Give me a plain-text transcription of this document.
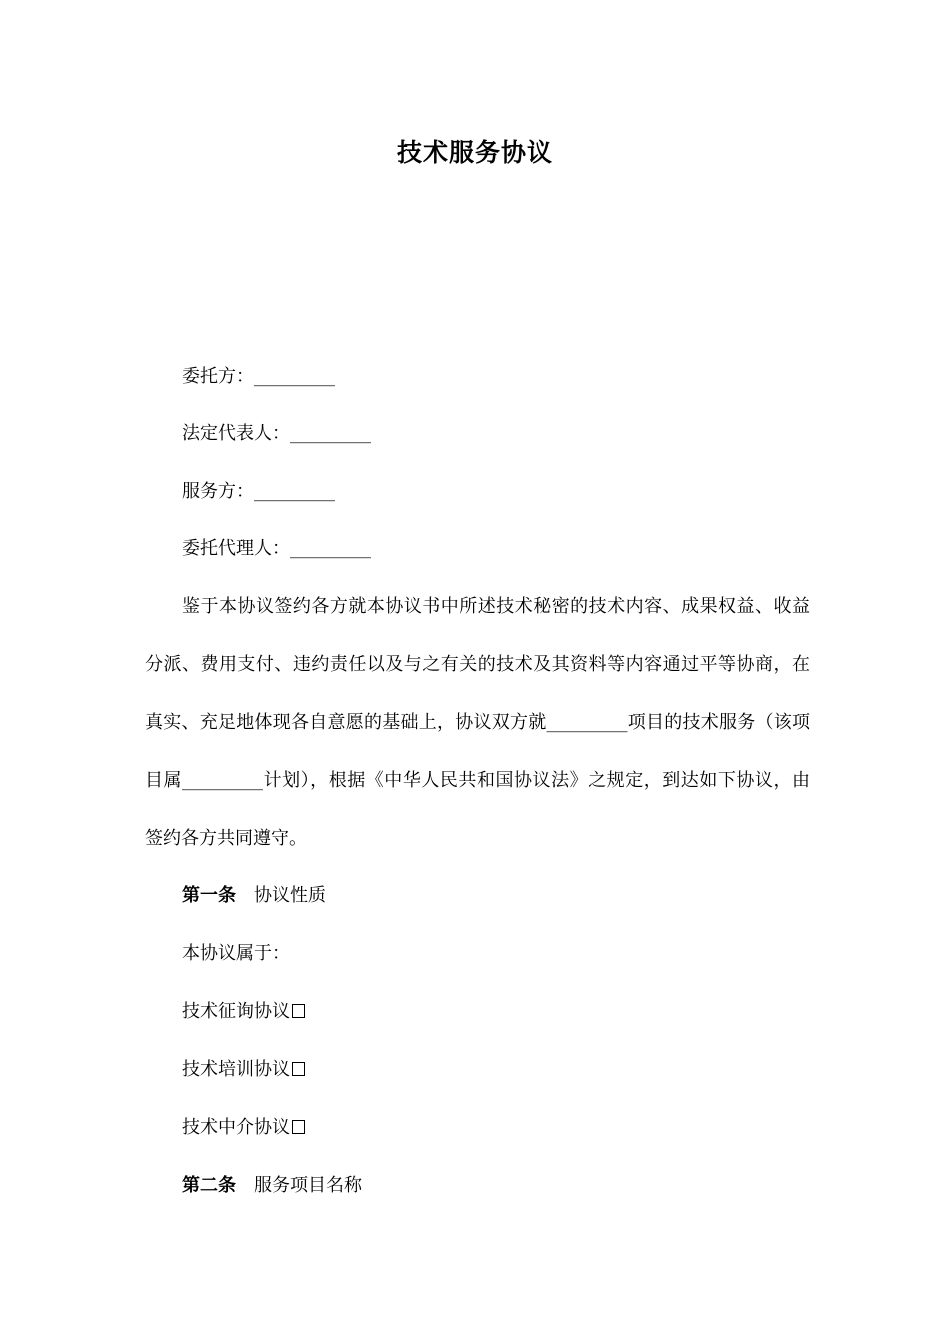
技术服务协议
委托方：_________
法定代表人：_________
服务方：_________
委托代理人：_________
鉴于本协议签约各方就本协议书中所述技术秘密的技术内容、成果权益、收益分派、费用支付、违约责任以及与之有关的技术及其资料等内容通过平等协商，在真实、充足地体现各自意愿的基础上，协议双方就_________项目的技术服务（该项目属_________计划），根据《中华人民共和国协议法》之规定，到达如下协议，由签约各方共同遵守。
第一条 协议性质
本协议属于：
技术征询协议
技术培训协议
技术中介协议
第二条 服务项目名称
